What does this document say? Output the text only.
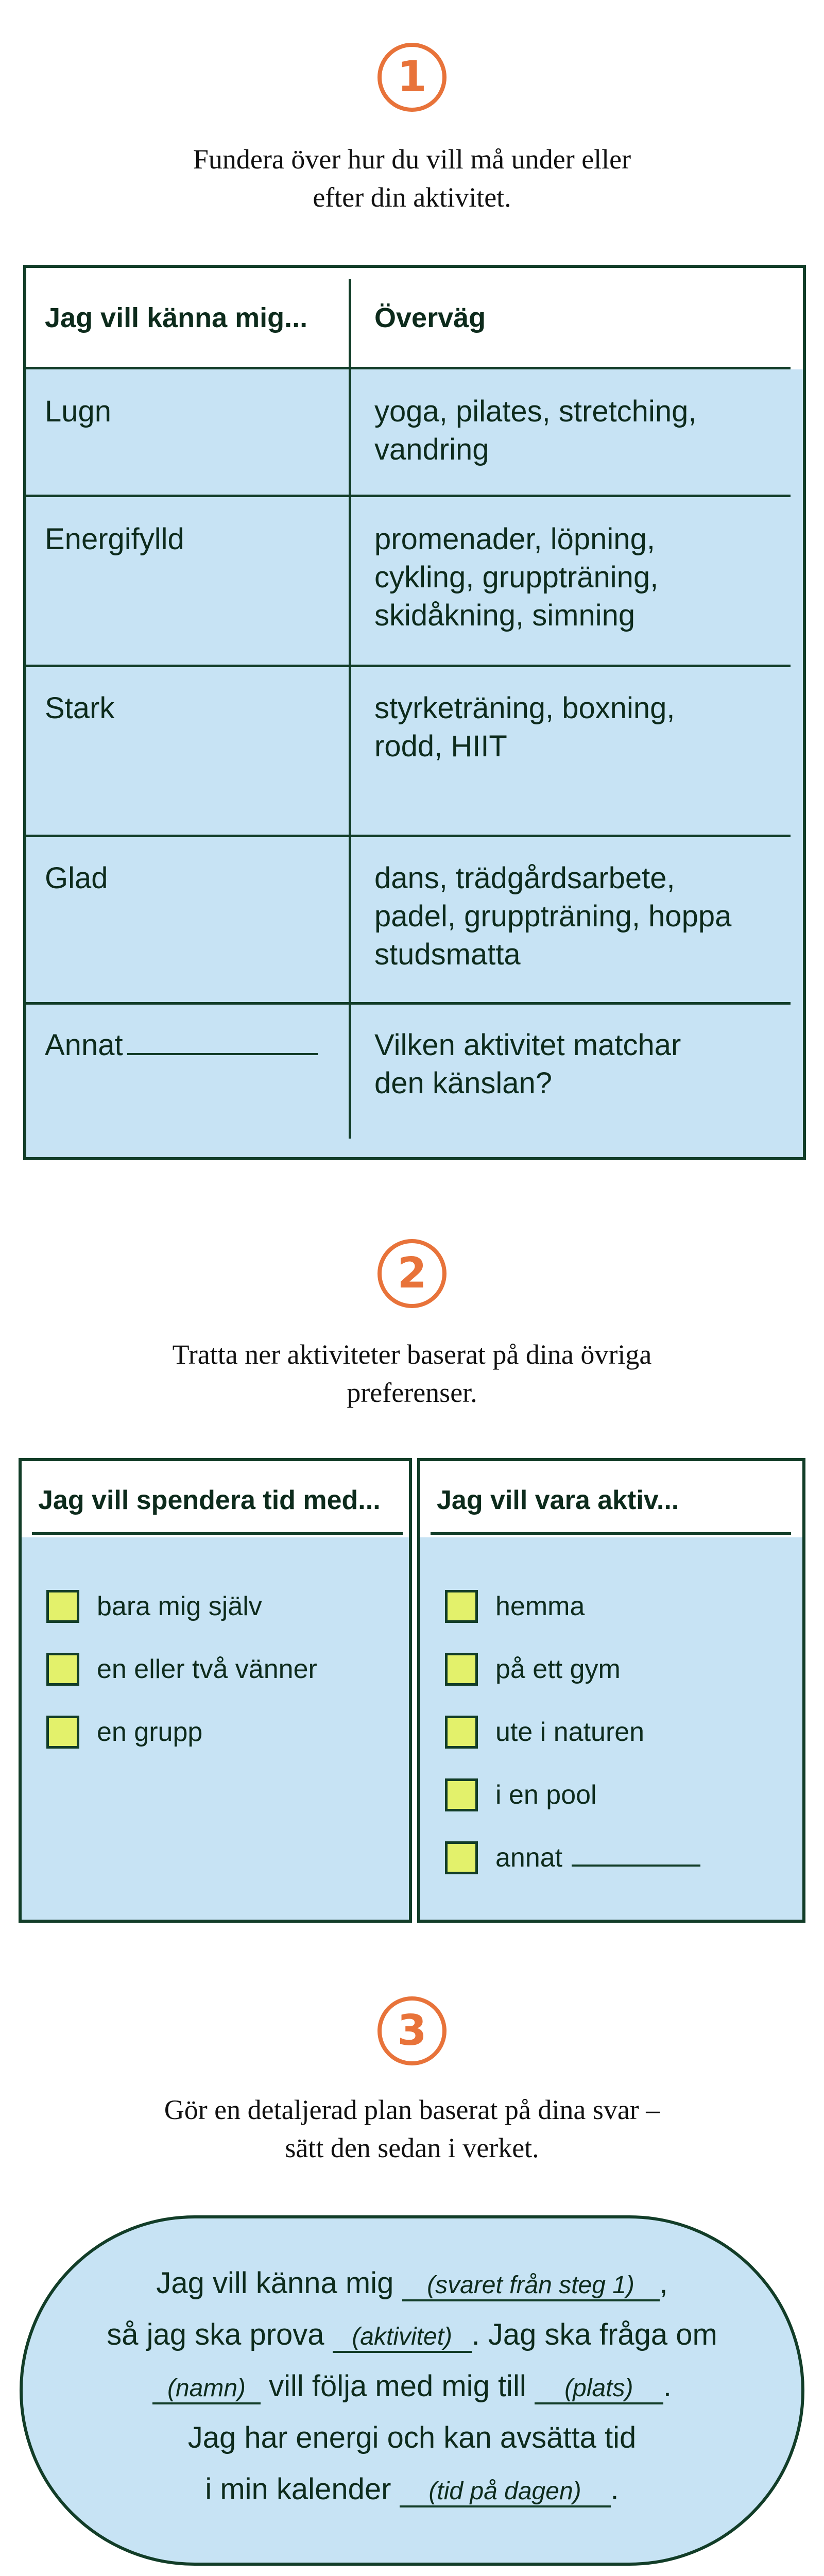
1
Fundera över hur du vill må under eller
efter din aktivitet.
Jag vill känna mig...	Överväg
Lugn	yoga, pilates, stretching,
vandring
Energifylld	promenader, löpning,
cykling, gruppträning,
skidåkning, simning
Stark	styrketräning, boxning,
rodd, HIIT
Glad	dans, trädgårdsarbete,
padel, gruppträning, hoppa
studsmatta
Annat	Vilken aktivitet matchar
den känslan?
2
Tratta ner aktiviteter baserat på dina övriga
preferenser.
Jag vill spendera tid med...
bara mig själv
en eller två vänner
en grupp
Jag vill vara aktiv...
hemma
på ett gym
ute i naturen
i en pool
annat
3
Gör en detaljerad plan baserat på dina svar –
sätt den sedan i verket.
Jag vill känna mig (svaret från steg 1) ,
så jag ska prova (aktivitet) . Jag ska fråga om
(namn) vill följa med mig till (plats) .
Jag har energi och kan avsätta tid
i min kalender (tid på dagen) .
